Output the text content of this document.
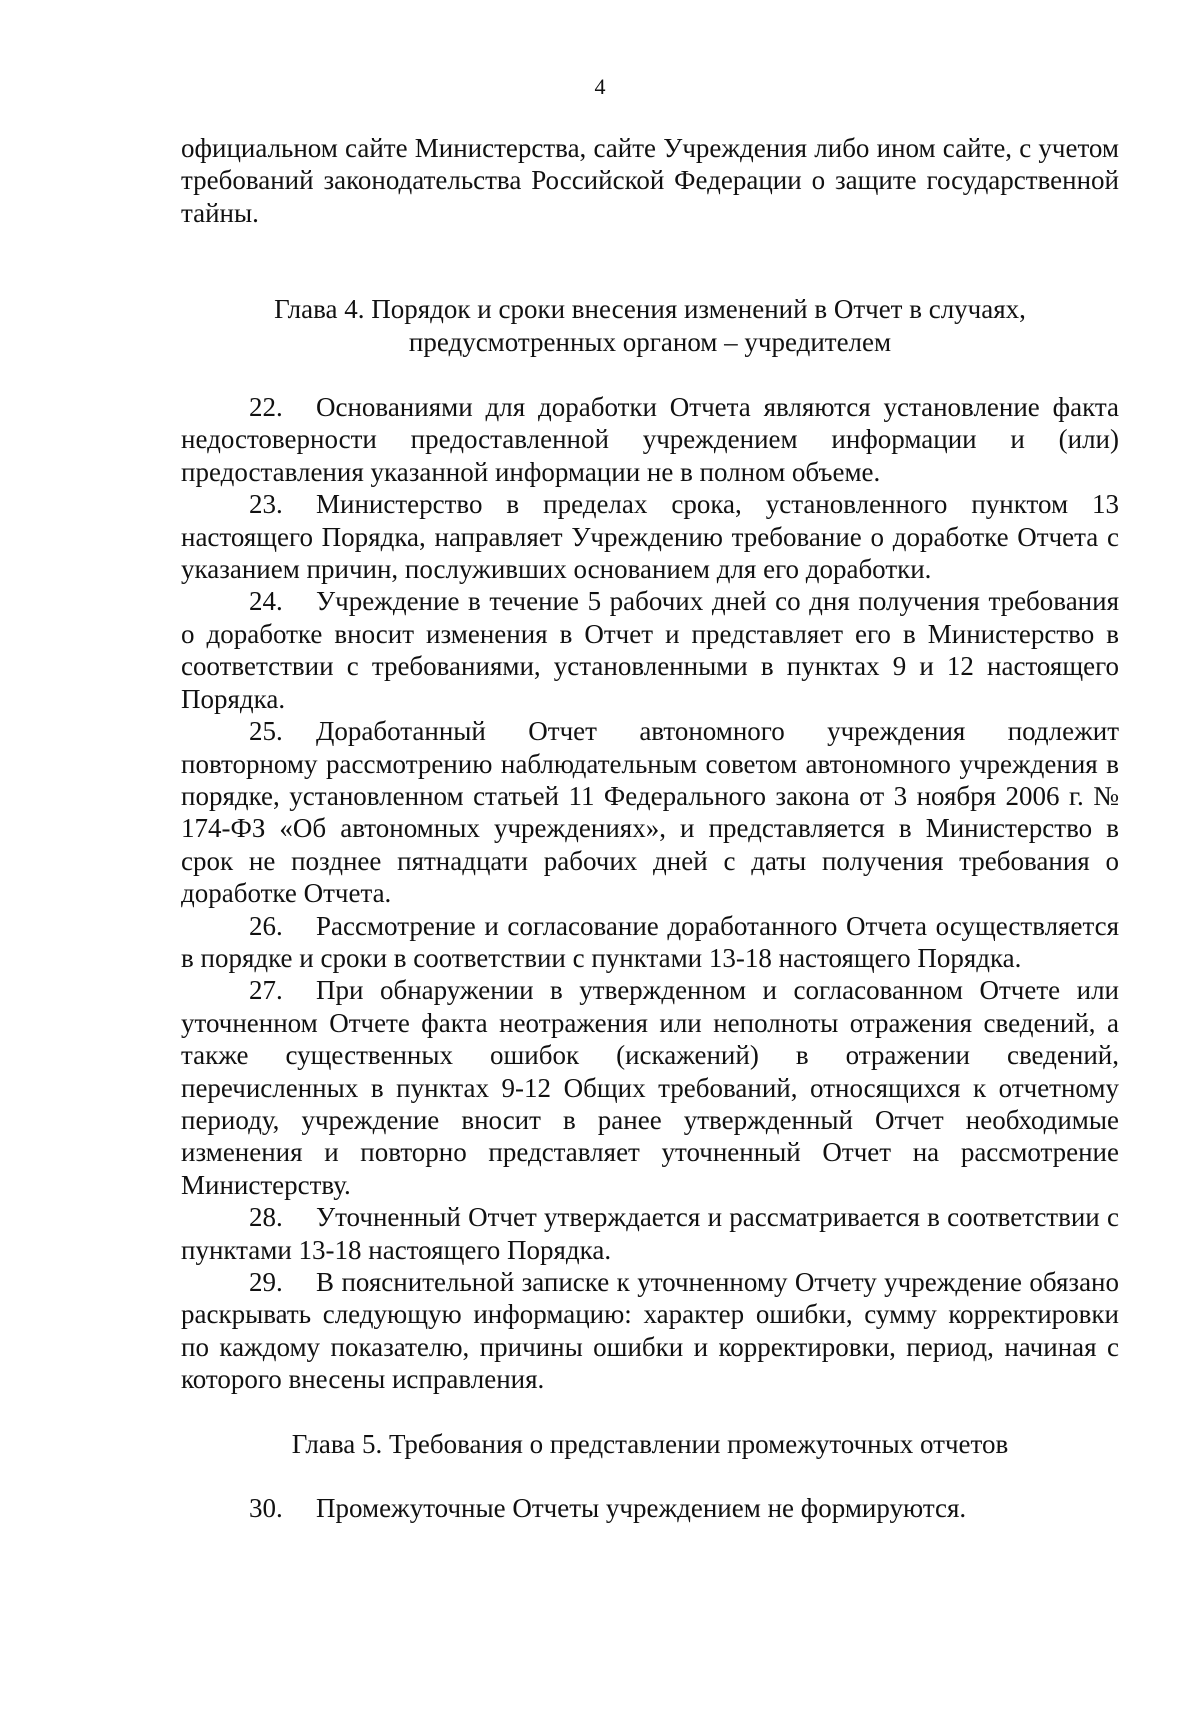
4

официальном сайте Министерства, сайте Учреждения либо ином сайте, с учетом требований законодательства Российской Федерации о защите государственной тайны.

Глава 4. Порядок и сроки внесения изменений в Отчет в случаях,
предусмотренных органом – учредителем

22. Основаниями для доработки Отчета являются установление факта недостоверности предоставленной учреждением информации и (или) предоставления указанной информации не в полном объеме.

23. Министерство в пределах срока, установленного пунктом 13 настоящего Порядка, направляет Учреждению требование о доработке Отчета с указанием причин, послуживших основанием для его доработки.

24. Учреждение в течение 5 рабочих дней со дня получения требования о доработке вносит изменения в Отчет и представляет его в Министерство в соответствии с требованиями, установленными в пунктах 9 и 12 настоящего Порядка.

25. Доработанный Отчет автономного учреждения подлежит повторному рассмотрению наблюдательным советом автономного учреждения в порядке, установленном статьей 11 Федерального закона от 3 ноября 2006 г. № 174-ФЗ «Об автономных учреждениях», и представляется в Министерство в срок не позднее пятнадцати рабочих дней с даты получения требования о доработке Отчета.

26. Рассмотрение и согласование доработанного Отчета осуществляется в порядке и сроки в соответствии с пунктами 13-18 настоящего Порядка.

27. При обнаружении в утвержденном и согласованном Отчете или уточненном Отчете факта неотражения или неполноты отражения сведений, а также существенных ошибок (искажений) в отражении сведений, перечисленных в пунктах 9-12 Общих требований, относящихся к отчетному периоду, учреждение вносит в ранее утвержденный Отчет необходимые изменения и повторно представляет уточненный Отчет на рассмотрение Министерству.

28. Уточненный Отчет утверждается и рассматривается в соответствии с пунктами 13-18 настоящего Порядка.

29. В пояснительной записке к уточненному Отчету учреждение обязано раскрывать следующую информацию: характер ошибки, сумму корректировки по каждому показателю, причины ошибки и корректировки, период, начиная с которого внесены исправления.

Глава 5. Требования о представлении промежуточных отчетов

30. Промежуточные Отчеты учреждением не формируются.
